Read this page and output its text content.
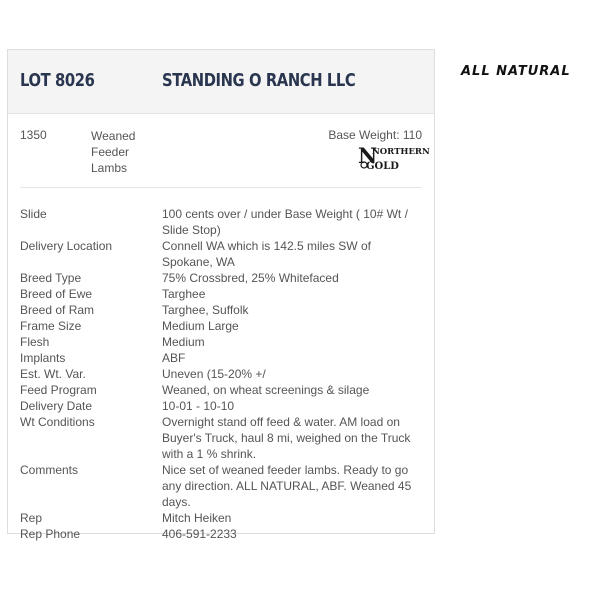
LOT 8026	STANDING O RANCH LLC
1350	Weaned Feeder Lambs
Base Weight: 110
N
NORTHERN
GOLD
Slide	100 cents over / under Base Weight ( 10# Wt / Slide Stop)
Delivery Location	Connell WA which is 142.5 miles SW of Spokane, WA
Breed Type	75% Crossbred, 25% Whitefaced
Breed of Ewe	Targhee
Breed of Ram	Targhee, Suffolk
Frame Size	Medium Large
Flesh	Medium
Implants	ABF
Est. Wt. Var.	Uneven (15-20% +/
Feed Program	Weaned, on wheat screenings & silage
Delivery Date	10-01 - 10-10
Wt Conditions	Overnight stand off feed & water. AM load on Buyer's Truck, haul 8 mi, weighed on the Truck with a 1 % shrink.
Comments	Nice set of weaned feeder lambs. Ready to go any direction. ALL NATURAL, ABF. Weaned 45 days.
Rep	Mitch Heiken
Rep Phone	406-591-2233
ALL NATURAL
